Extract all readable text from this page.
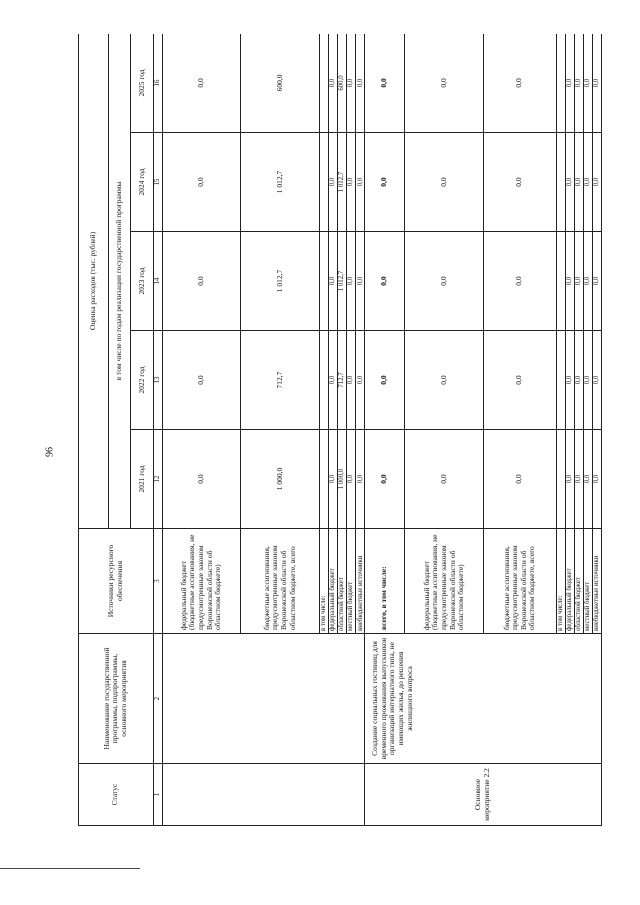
96
Статус	Наименование государственной программы, подпрограммы, основного мероприятия	Источники ресурсного обеспечения	Оценка расходов (тыс. рублей)				
			в том числе по годам реализации государственной программы				
			2021 год	2022 год	2023 год	2024 год	2025 год
1	2	3	12	13	14	15	16
		федеральный бюджет (бюджетные ассигнования, не предусмотренные законом Воронежской области об областном бюджете)	0,0	0,0	0,0	0,0	0,0
		бюджетные ассигнования, предусмотренные законом Воронежской области об областном бюджете, всего	1 000,0	712,7	1 012,7	1 012,7	600,0
		в том числе:					
		федеральный бюджет	0,0	0,0	0,0	0,0	0,0
		областной бюджет	1 000,0	712,7	1 012,7	1 012,7	600,0
		местный бюджет	0,0	0,0	0,0	0,0	0,0
		внебюджетные источники	0,0	0,0	0,0	0,0	0,0
Основное мероприятие 2.2	Создание социальных гостиниц для временного проживания выпускников организаций интернатного типа, не имеющих жилья, до решения жилищного вопроса	всего, в том числе:	0,0	0,0	0,0	0,0	0,0
		федеральный бюджет (бюджетные ассигнования, не предусмотренные законом Воронежской области об областном бюджете)	0,0	0,0	0,0	0,0	0,0
		бюджетные ассигнования, предусмотренные законом Воронежской области об областном бюджете, всего	0,0	0,0	0,0	0,0	0,0
		в том числе:					
		федеральный бюджет	0,0	0,0	0,0	0,0	0,0
		областной бюджет	0,0	0,0	0,0	0,0	0,0
		местный бюджет	0,0	0,0	0,0	0,0	0,0
		внебюджетные источники	0,0	0,0	0,0	0,0	0,0
